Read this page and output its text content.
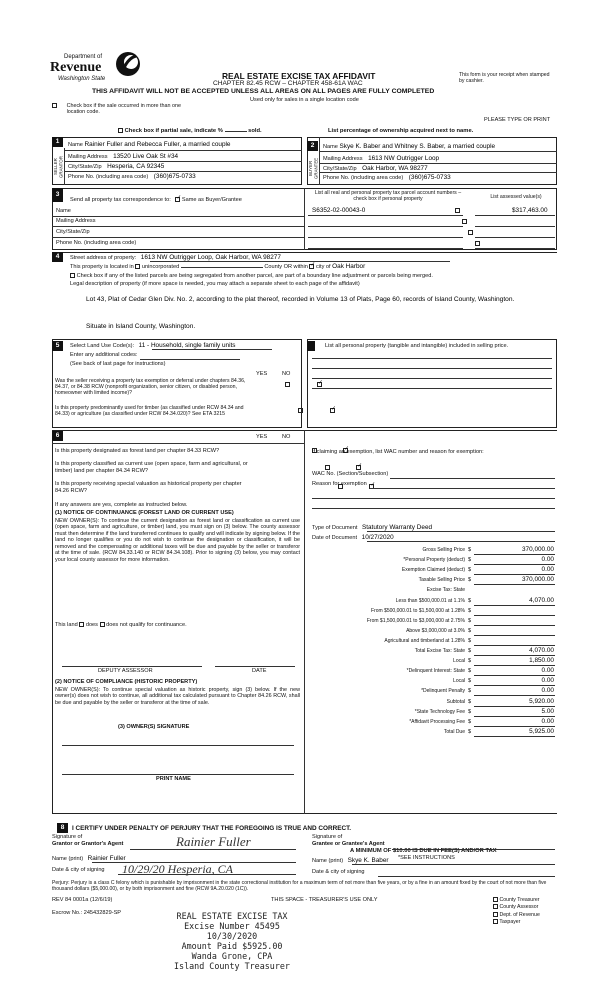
Department of
Revenue
Washington State	REAL ESTATE EXCISE TAX AFFIDAVIT
CHAPTER 82.45 RCW – CHAPTER 458-61A WAC
THIS AFFIDAVIT WILL NOT BE ACCEPTED UNLESS ALL AREAS ON ALL PAGES ARE FULLY COMPLETED
Used only for sales in a single location code
This form is your receipt when stamped by cashier.
Check box if the sale occurred in more than one location code.
PLEASE TYPE OR PRINT
Check box if partial sale, indicate %	sold.	List percentage of ownership acquired next to name.
1
SELLER GRANTOR
Name Rainier Fuller and Rebecca Fuller, a married couple
Mailing Address 13520 Live Oak St #34
City/State/Zip Hesperia, CA 92345
Phone No. (including area code) (360)675-0733
2
BUYER GRANTEE
Name Skye K. Baber and Whitney S. Baber, a married couple
Mailing Address 1613 NW Outrigger Loop
City/State/Zip Oak Harbor, WA 98277
Phone No. (including area code) (360)675-0733
3
Send all property tax correspondence to: ✓ Same as Buyer/Grantee
Name
Mailing Address
City/State/Zip
Phone No. (including area code)
List all real and personal property tax parcel account numbers – check box if personal property	List assessed value(s)
S6352-02-00043-0	$317,463.00

4	Street address of property: 1613 NW Outrigger Loop, Oak Harbor, WA 98277
This property is located in unincorporated	County OR within ✓ city of Oak Harbor
Check box if any of the listed parcels are being segregated from another parcel, are part of a boundary line adjustment or parcels being merged.
Legal description of property (if more space is needed, you may attach a separate sheet to each page of the affidavit)
Lot 43, Plat of Cedar Glen Div. No. 2, according to the plat thereof, recorded in Volume 13 of Plats, Page 60, records of Island County, Washington.
Situate in Island County, Washington.
5	Select Land Use Code(s): 11 - Household, single family units
Enter any additional codes:
(See back of last page for instructions)
YES	NO
Was the seller receiving a property tax exemption or deferral under chapters 84.36, 84.37, or 84.38 RCW (nonprofit organization, senior citizen, or disabled person, homeowner with limited income)?
✓
Is this property predominantly used for timber (as classified under RCW 84.34 and 84.33) or agriculture (as classified under RCW 84.34.020)? See ETA 3215
✓
List all personal property (tangible and intangible) included in selling price.
6	YES	NO
Is this property designated as forest land per chapter 84.33 RCW?
✓
Is this property classified as current use (open space, farm and agricultural, or timber) land per chapter 84.34 RCW?
✓
Is this property receiving special valuation as historical property per chapter 84.26 RCW?
✓
If any answers are yes, complete as instructed below.
(1) NOTICE OF CONTINUANCE (FOREST LAND OR CURRENT USE)
NEW OWNER(S): To continue the current designation as forest land or classification as current use (open space, farm and agriculture, or timber) land, you must sign on (3) below. The county assessor must then determine if the land transferred continues to qualify and will indicate by signing below. If the land no longer qualifies or you do not wish to continue the designation or classification, it will be removed and the compensating or additional taxes will be due and payable by the seller or transferor at the time of sale. (RCW 84.33.140 or RCW 84.34.108). Prior to signing (3) below, you may contact your local county assessor for more information.
This land does does not qualify for continuance.
DEPUTY ASSESSOR	DATE
(2) NOTICE OF COMPLIANCE (HISTORIC PROPERTY)
NEW OWNER(S): To continue special valuation as historic property, sign (3) below. If the new owner(s) does not wish to continue, all additional tax calculated pursuant to Chapter 84.26 RCW, shall be due and payable by the seller or transferor at the time of sale.
(3) OWNER(S) SIGNATURE
PRINT NAME
If claiming an exemption, list WAC number and reason for exemption:
WAC No. (Section/Subsection)
Reason for exemption
Type of Document Statutory Warranty Deed
Date of Document 10/27/2020
Gross Selling Price $	370,000.00
*Personal Property (deduct) $	0.00
Exemption Claimed (deduct) $	0.00
Taxable Selling Price $	370,000.00
Excise Tax: State
Less than $500,000.01 at 1.1% $	4,070.00
From $500,000.01 to $1,500,000 at 1.28% $
From $1,500,000.01 to $3,000,000 at 2.75% $
Above $3,000,000 at 3.0% $
Agricultural and timberland at 1.28% $
Total Excise Tax: State $	4,070.00
Local $	1,850.00
*Delinquent Interest: State $	0.00
Local $	0.00
*Delinquent Penalty $	0.00
Subtotal $	5,920.00
*State Technology Fee $	5.00
*Affidavit Processing Fee $	0.00
Total Due $	5,925.00
A MINIMUM OF $10.00 IS DUE IN FEE(S) AND/OR TAX
*SEE INSTRUCTIONS
8	I CERTIFY UNDER PENALTY OF PERJURY THAT THE FOREGOING IS TRUE AND CORRECT.
Signature of
Grantor or Grantor's Agent	Rainier Fuller
Name (print) Rainier Fuller
Date & city of signing 10/29/20 Hesperia, CA
Signature of
Grantee or Grantee's Agent
Name (print) Skye K. Baber
Date & city of signing
Perjury: Perjury is a class C felony which is punishable by imprisonment in the state correctional institution for a maximum term of not more than five years, or by a fine in an amount fixed by the court of not more than five thousand dollars ($5,000.00), or by both imprisonment and fine (RCW 9A.20.020 (1C)).
REV 84 0001a (12/6/19)	THIS SPACE - TREASURER'S USE ONLY
Escrow No.: 245432829-SP
County Treasurer
County Assessor
Dept. of Revenue
Taxpayer
REAL ESTATE EXCISE TAX
Excise Number 45495
10/30/2020
Amount Paid $5925.00
Wanda Grone, CPA
Island County Treasurer
